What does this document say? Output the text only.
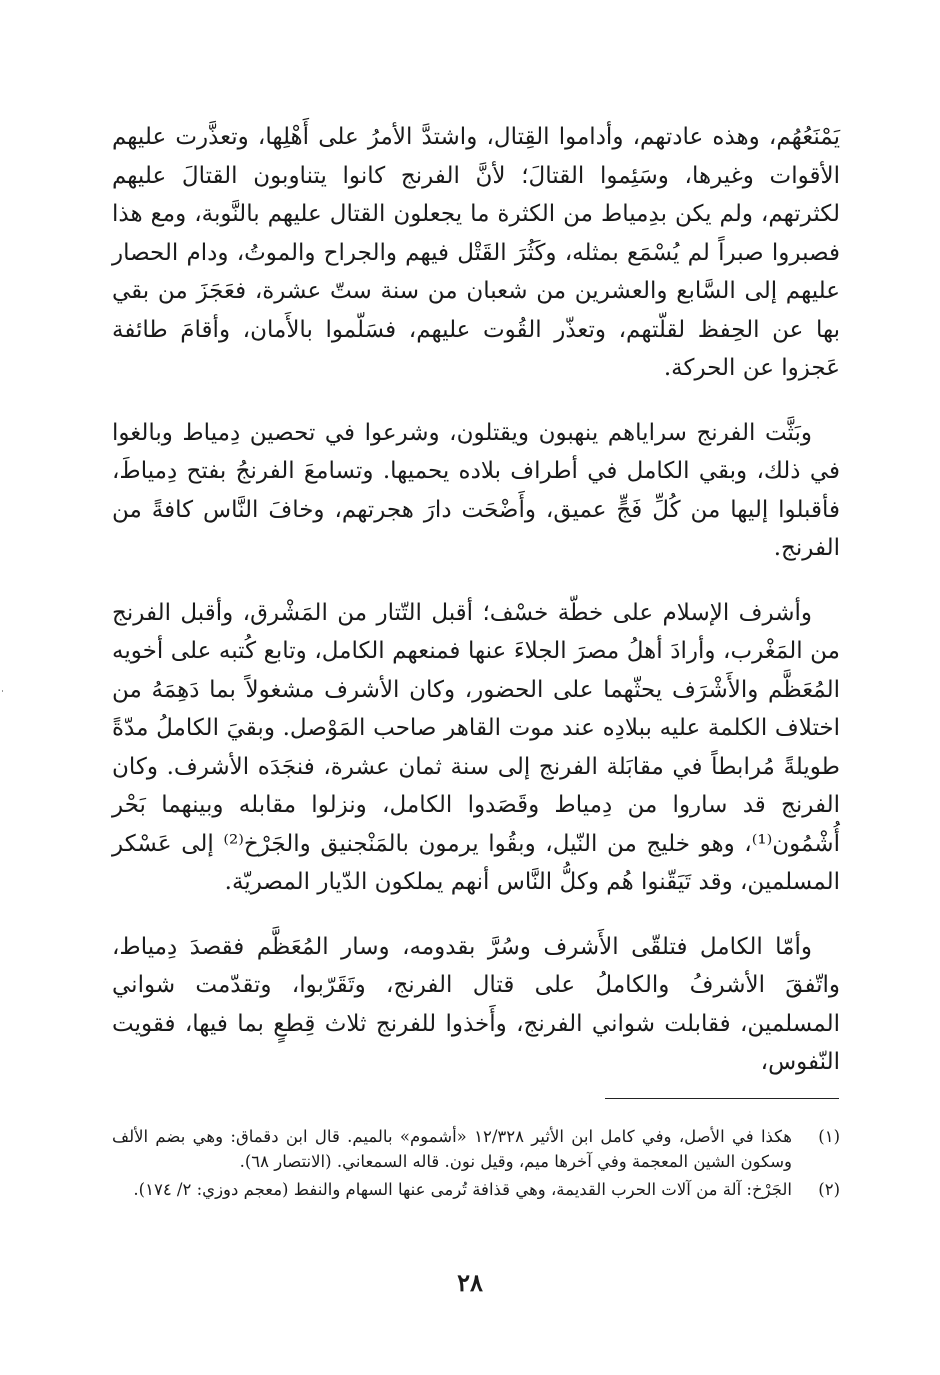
يَمْنَعُهُم، وهذه عادتهم، وأداموا القِتال، واشتدَّ الأمرُ على أَهْلِها، وتعذَّرت عليهم الأقوات وغيرها، وسَئِموا القتالَ؛ لأنَّ الفرنج كانوا يتناوبون القتالَ عليهم لكثرتهم، ولم يكن بدِمياط من الكثرة ما يجعلون القتال عليهم بالنَّوبة، ومع هذا فصبروا صبراً لم يُسْمَع بمثله، وكَثُرَ القَتْل فيهم والجراح والموتُ، ودام الحصار عليهم إلى السَّابع والعشرين من شعبان من سنة ستّ عشرة، فعَجَزَ من بقي بها عن الحِفظ لقلّتهم، وتعذّر القُوت عليهم، فسَلّموا بالأَمان، وأقامَ طائفة عَجزوا عن الحركة.

وبَثَّت الفرنج سراياهم ينهبون ويقتلون، وشرعوا في تحصين دِمياط وبالغوا في ذلك، وبقي الكامل في أطراف بلاده يحميها. وتسامعَ الفرنجُ بفتح دِمياطَ، فأقبلوا إليها من كُلِّ فَجٍّ عميق، وأَضْحَت دارَ هجرتهم، وخافَ النَّاس كافةً من الفرنج.

وأشرف الإسلام على خطّة خسْف؛ أقبل التّتار من المَشْرق، وأقبل الفرنج من المَغْرب، وأرادَ أهلُ مصرَ الجلاءَ عنها فمنعهم الكامل، وتابع كُتبه على أخويه المُعَظَّم والأَشْرَف يحثّهما على الحضور، وكان الأشرف مشغولاً بما دَهِمَهُ من اختلاف الكلمة عليه ببلادِه عند موت القاهر صاحب المَوْصل. وبقيَ الكاملُ مدّةً طويلةً مُرابطاً في مقابَلة الفرنج إلى سنة ثمان عشرة، فنجَدَه الأشرف. وكان الفرنج قد ساروا من دِمياط وقَصَدوا الكامل، ونزلوا مقابله وبينهما بَحْر أُشْمُون⁽¹⁾، وهو خليج من النّيل، وبقُوا يرمون بالمَنْجنيق والجَرْخ⁽²⁾ إلى عَسْكر المسلمين، وقد تَيَقّنوا هُم وكلُّ النَّاس أنهم يملكون الدّيار المصريّة.

وأمّا الكامل فتلقّى الأَشرف وسُرَّ بقدومه، وسار المُعَظَّم فقصدَ دِمياط، واتّفقَ الأشرفُ والكاملُ على قتال الفرنج، وتَقَرّبوا، وتقدّمت شواني المسلمين، فقابلت شواني الفرنج، وأَخذوا للفرنج ثلاث قِطعٍ بما فيها، فقويت النّفوس،

(١)
هكذا في الأصل، وفي كامل ابن الأثير ١٢/٣٢٨ «أشموم» بالميم. قال ابن دقماق: وهي بضم الألف وسكون الشين المعجمة وفي آخرها ميم، وقيل نون. قاله السمعاني. (الانتصار ٦٨).
(٢)
الجَرْخ: آلة من آلات الحرب القديمة، وهي قذافة تُرمى عنها السهام والنفط (معجم دوزي: ٢/ ١٧٤).
٢٨
